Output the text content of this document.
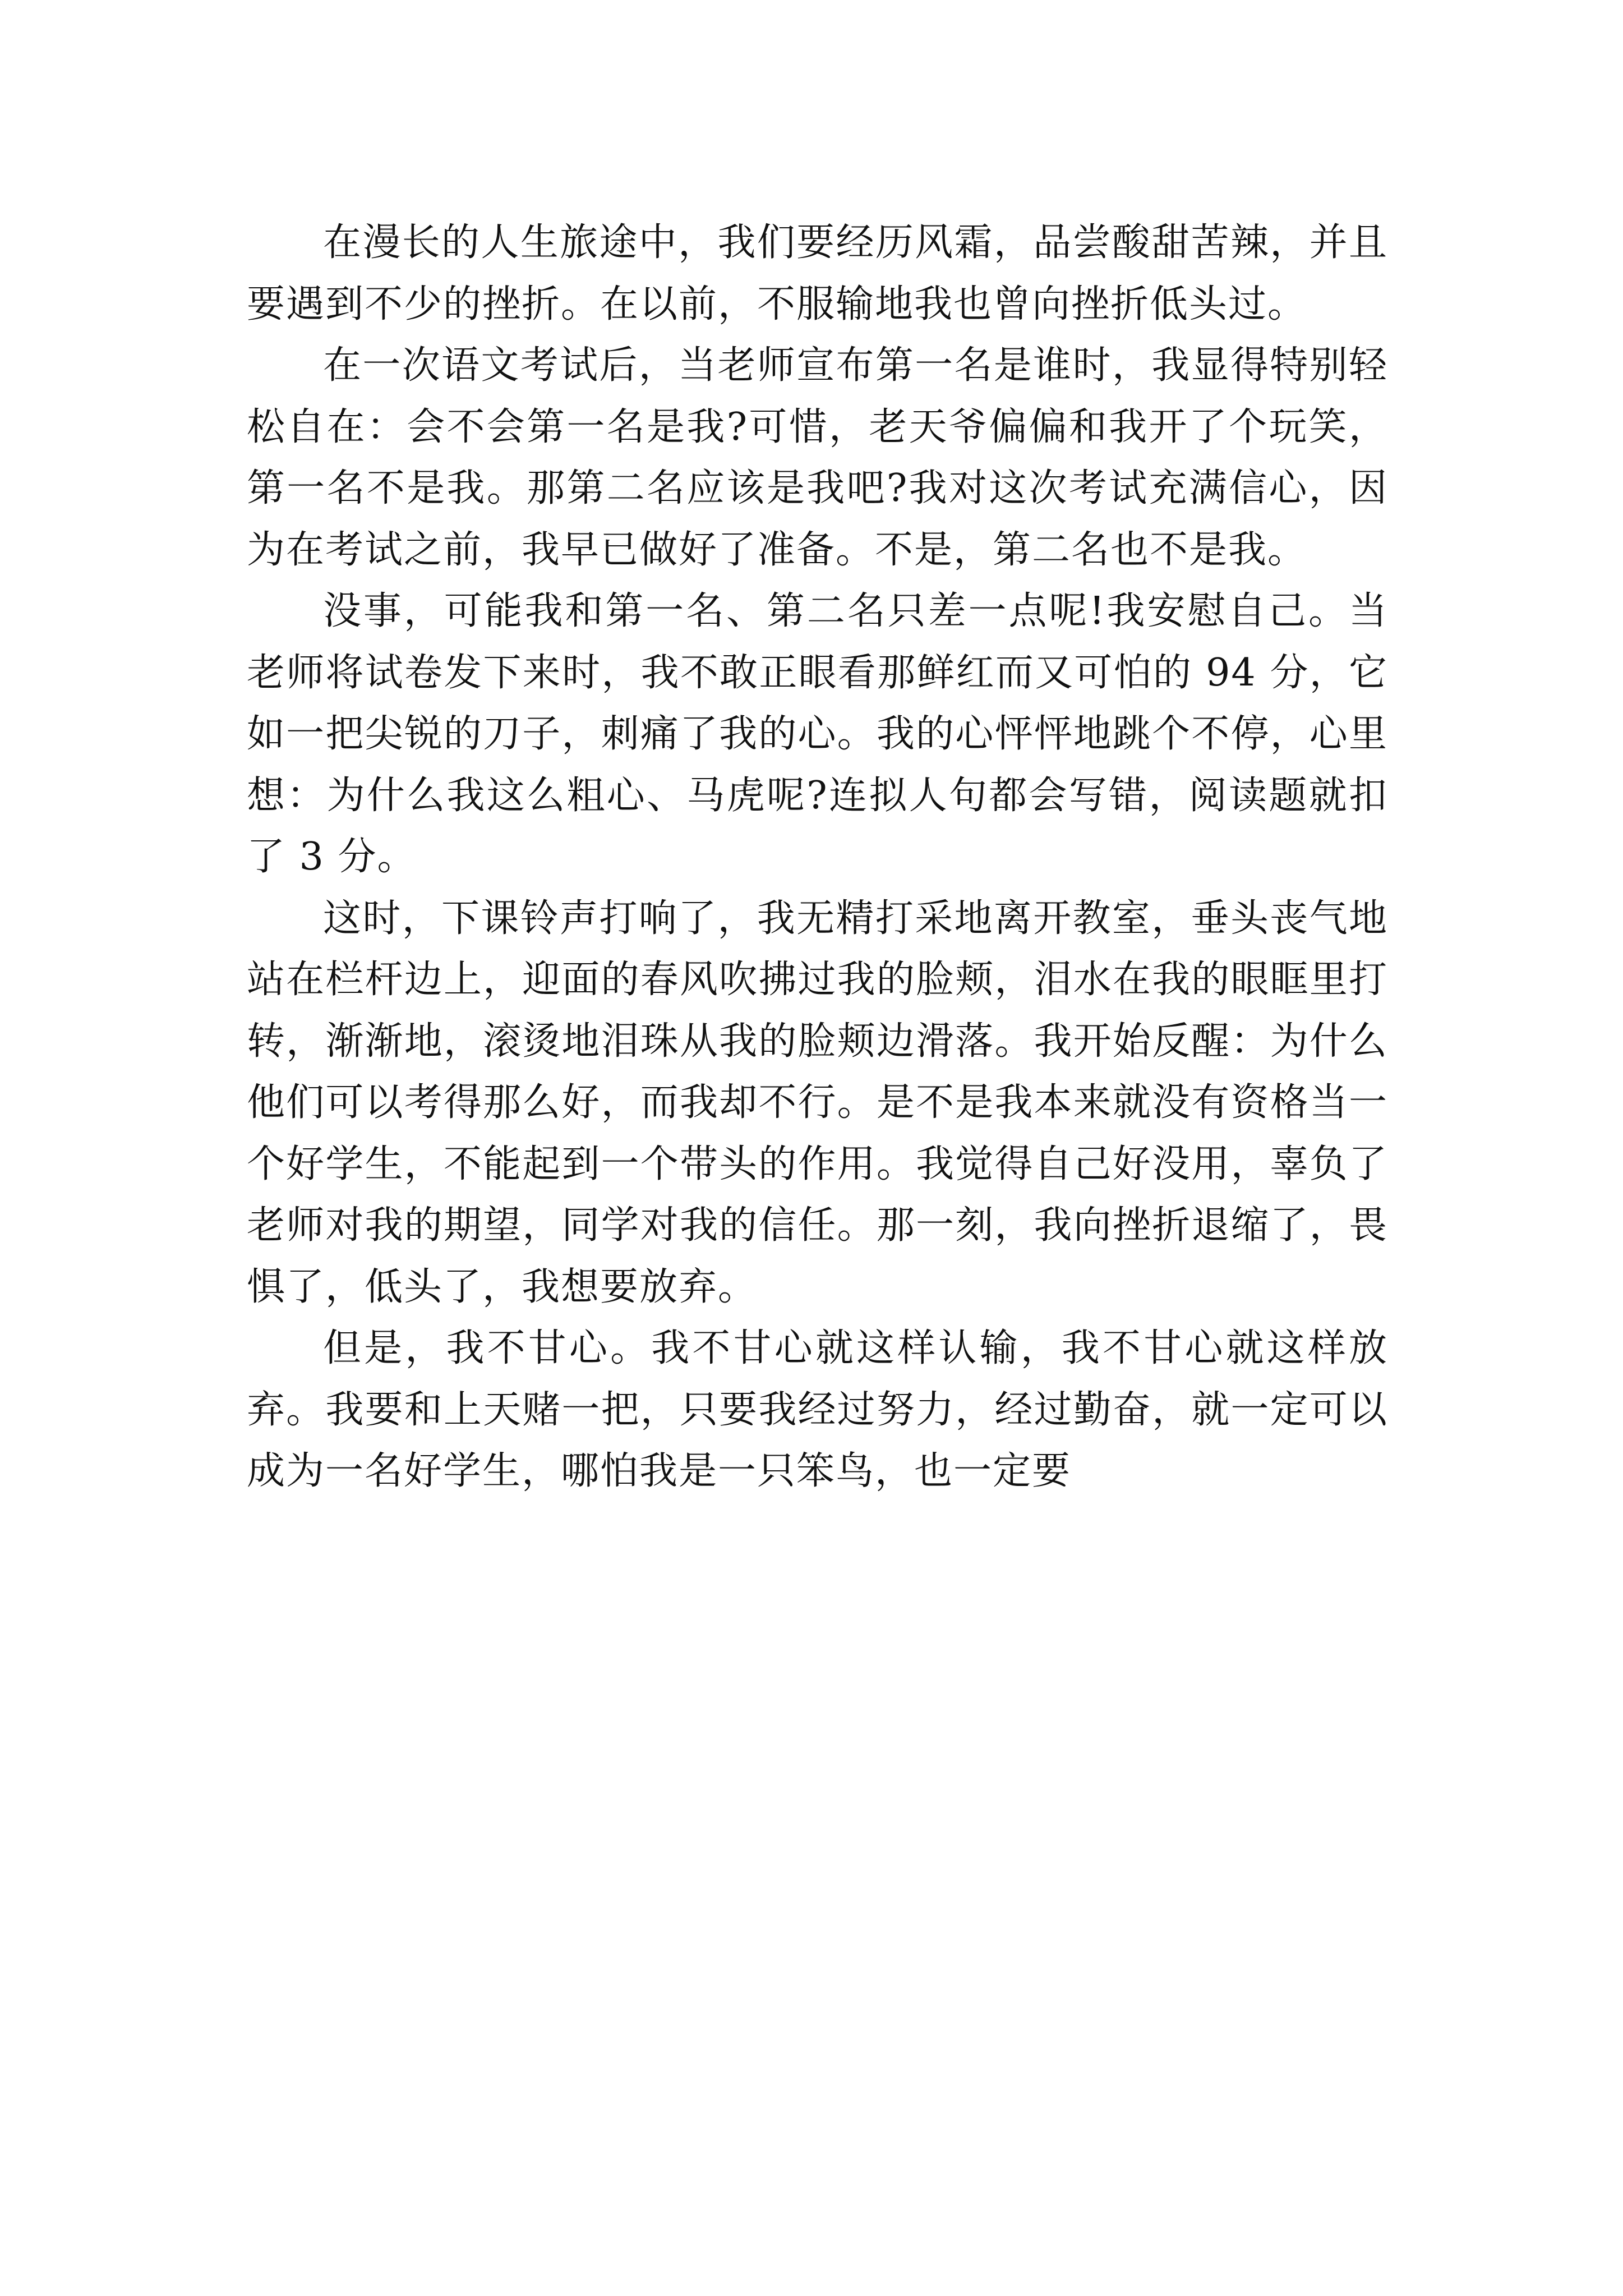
在漫长的人生旅途中，我们要经历风霜，品尝酸甜苦辣，并且要遇到不少的挫折。在以前，不服输地我也曾向挫折低头过。

在一次语文考试后，当老师宣布第一名是谁时，我显得特别轻松自在：会不会第一名是我?可惜，老天爷偏偏和我开了个玩笑，第一名不是我。那第二名应该是我吧?我对这次考试充满信心，因为在考试之前，我早已做好了准备。不是，第二名也不是我。

没事，可能我和第一名、第二名只差一点呢!我安慰自己。当老师将试卷发下来时，我不敢正眼看那鲜红而又可怕的 94 分，它如一把尖锐的刀子，刺痛了我的心。我的心怦怦地跳个不停，心里想：为什么我这么粗心、马虎呢?连拟人句都会写错，阅读题就扣了 3 分。

这时，下课铃声打响了，我无精打采地离开教室，垂头丧气地站在栏杆边上，迎面的春风吹拂过我的脸颊，泪水在我的眼眶里打转，渐渐地，滚烫地泪珠从我的脸颊边滑落。我开始反醒：为什么他们可以考得那么好，而我却不行。是不是我本来就没有资格当一个好学生，不能起到一个带头的作用。我觉得自己好没用，辜负了老师对我的期望，同学对我的信任。那一刻，我向挫折退缩了，畏惧了，低头了，我想要放弃。

但是，我不甘心。我不甘心就这样认输，我不甘心就这样放弃。我要和上天赌一把，只要我经过努力，经过勤奋，就一定可以成为一名好学生，哪怕我是一只笨鸟，也一定要
